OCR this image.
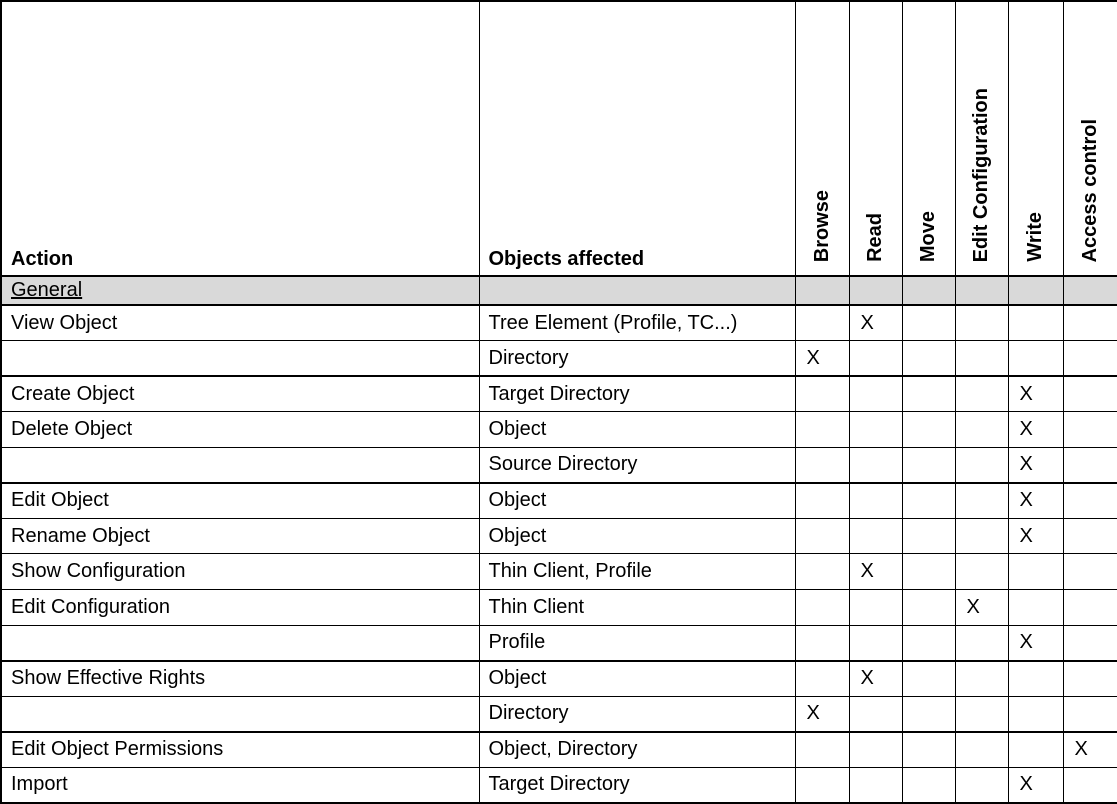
Action	Objects affected	Browse	Read	Move	Edit Configuration	Write	Access control
General							
View Object	Tree Element (Profile, TC...)		X				
	Directory	X					
Create Object	Target Directory					X	
Delete Object	Object					X	
	Source Directory					X	
Edit Object	Object					X	
Rename Object	Object					X	
Show Configuration	Thin Client, Profile		X				
Edit Configuration	Thin Client				X		
	Profile					X	
Show Effective Rights	Object		X				
	Directory	X					
Edit Object Permissions	Object, Directory						X
Import	Target Directory					X	
